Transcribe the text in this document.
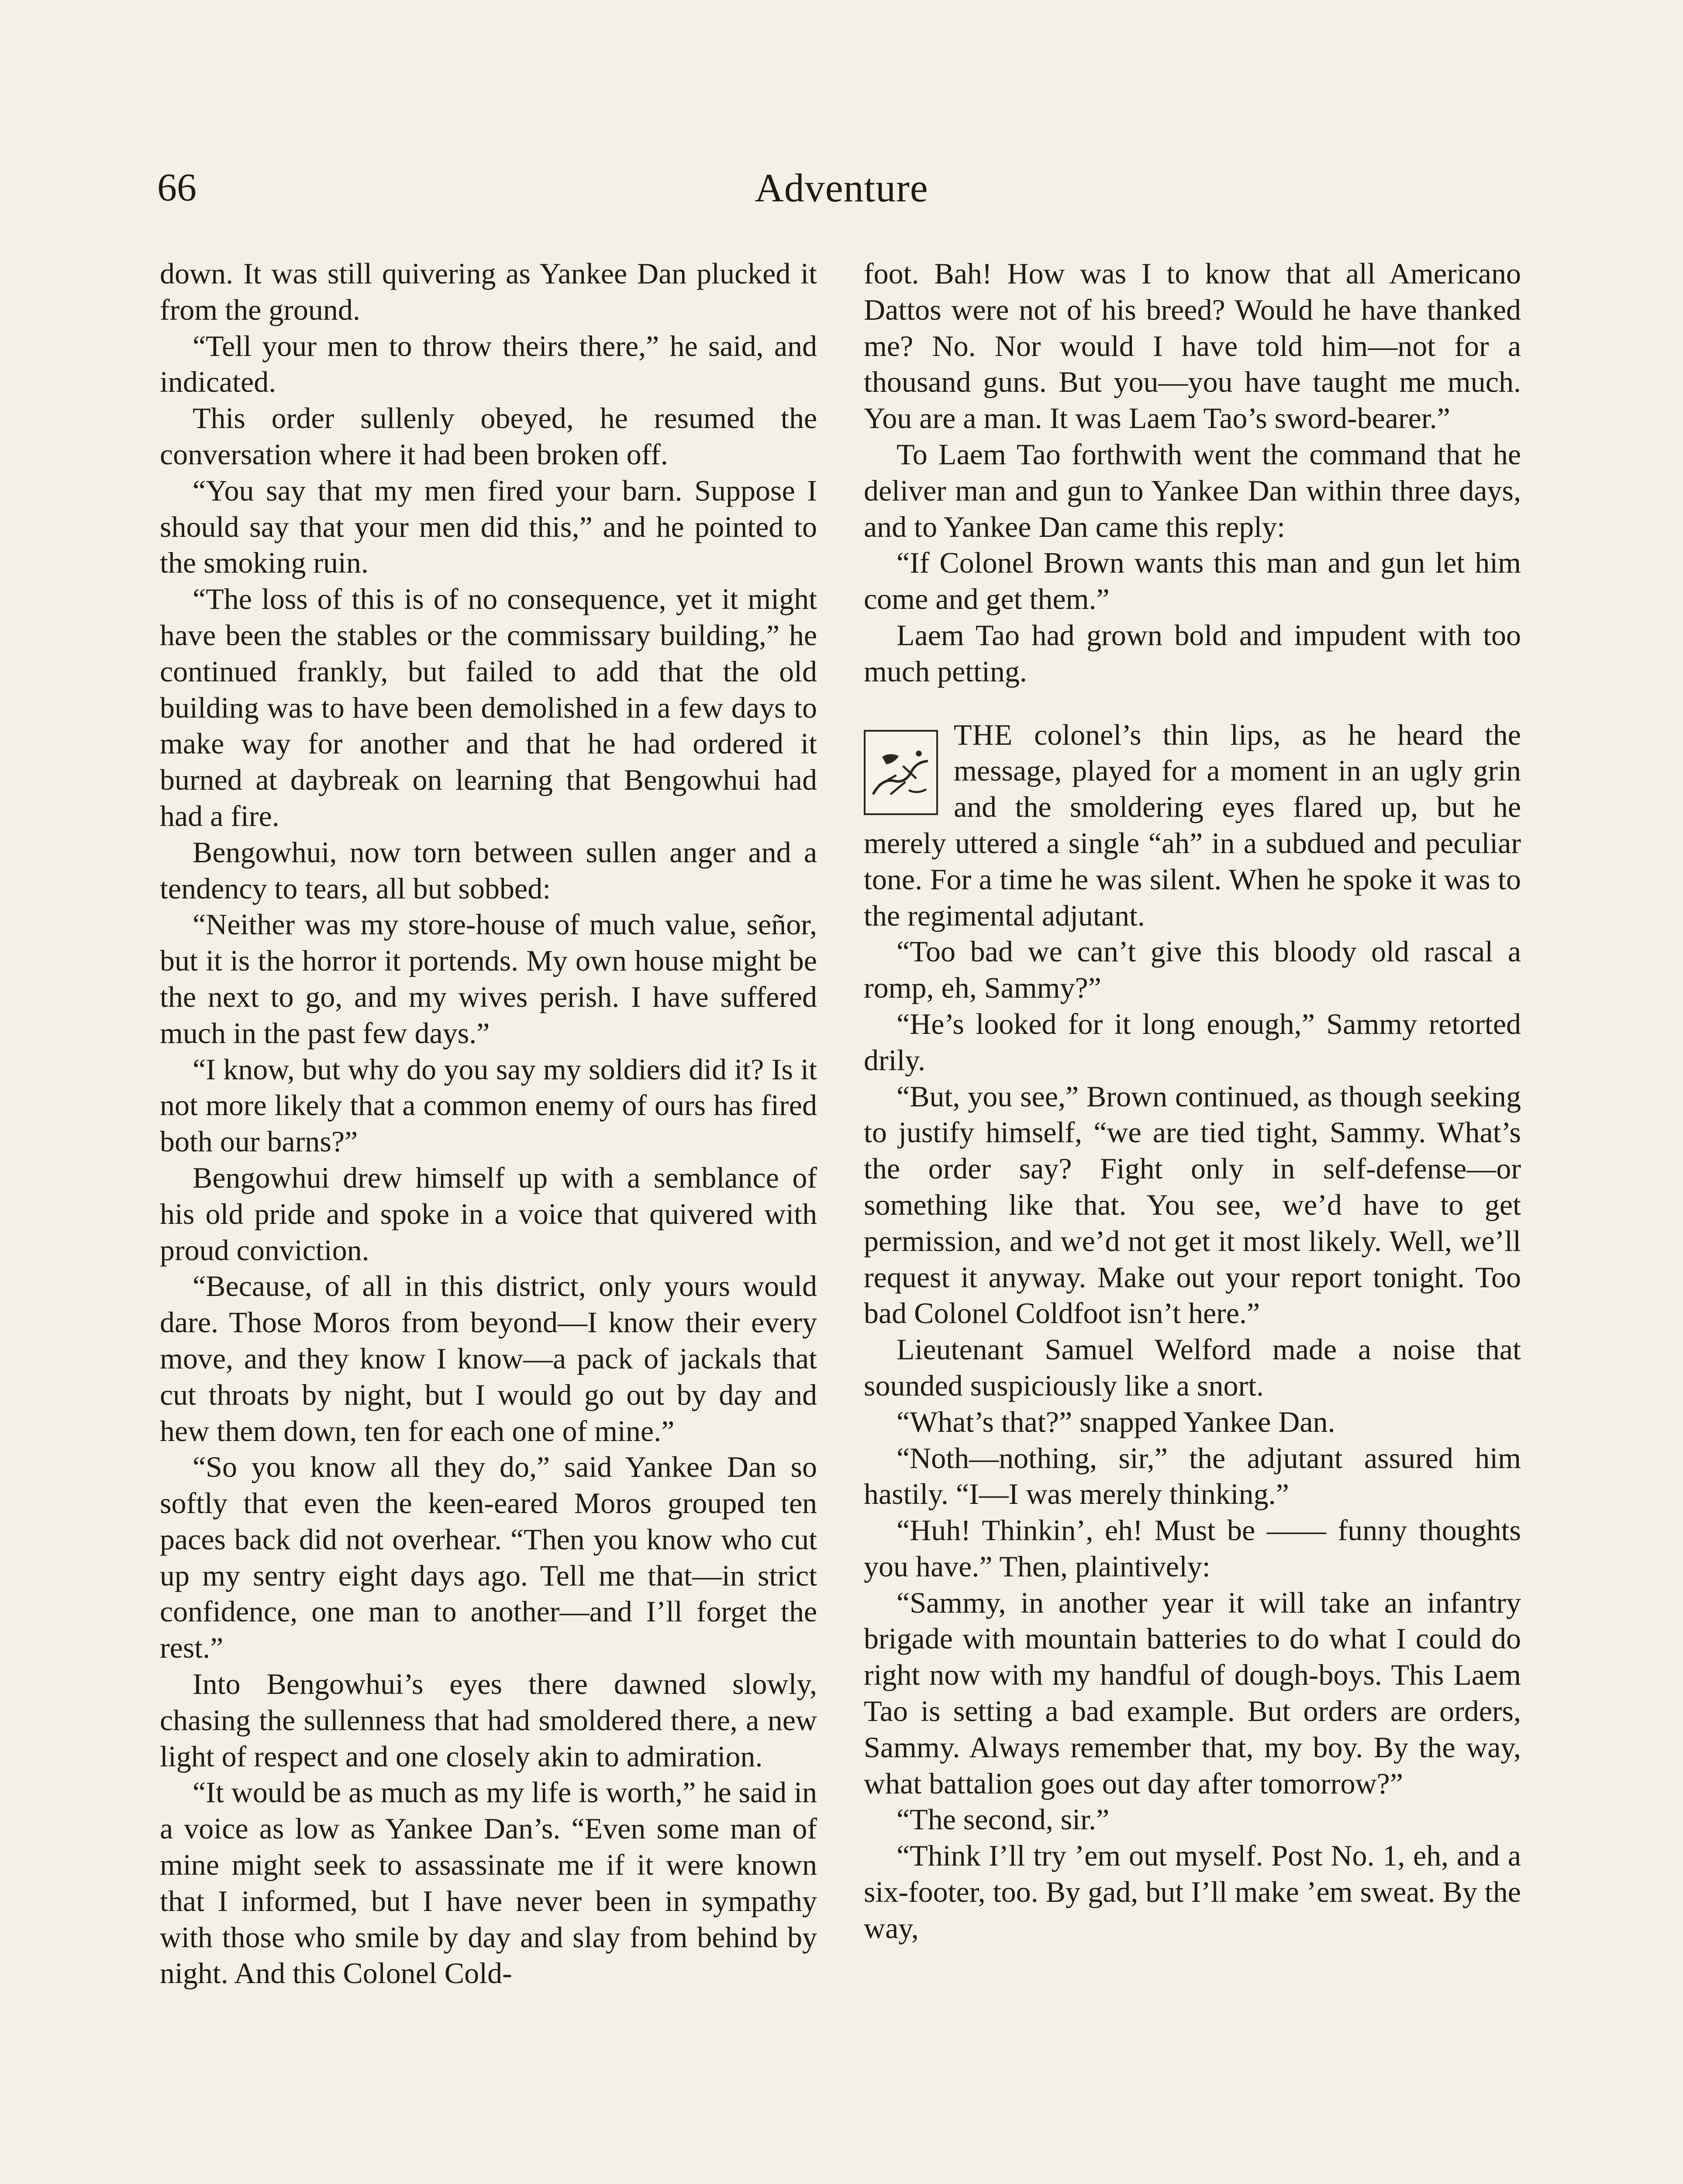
66	Adventure

down. It was still quivering as Yankee Dan plucked it from the ground.

“Tell your men to throw theirs there,” he said, and indicated.

This order sullenly obeyed, he resumed the conversation where it had been broken off.

“You say that my men fired your barn. Suppose I should say that your men did this,” and he pointed to the smoking ruin.

“The loss of this is of no consequence, yet it might have been the stables or the commissary building,” he continued frankly, but failed to add that the old building was to have been demolished in a few days to make way for another and that he had ordered it burned at daybreak on learning that Bengowhui had had a fire.

Bengowhui, now torn between sullen anger and a tendency to tears, all but sobbed:

“Neither was my store-house of much value, señor, but it is the horror it portends. My own house might be the next to go, and my wives perish. I have suffered much in the past few days.”

“I know, but why do you say my soldiers did it? Is it not more likely that a common enemy of ours has fired both our barns?”

Bengowhui drew himself up with a semblance of his old pride and spoke in a voice that quivered with proud conviction.

“Because, of all in this district, only yours would dare. Those Moros from beyond—I know their every move, and they know I know—a pack of jackals that cut throats by night, but I would go out by day and hew them down, ten for each one of mine.”

“So you know all they do,” said Yankee Dan so softly that even the keen-eared Moros grouped ten paces back did not overhear. “Then you know who cut up my sentry eight days ago. Tell me that—in strict confidence, one man to another—and I’ll forget the rest.”

Into Bengowhui’s eyes there dawned slowly, chasing the sullenness that had smoldered there, a new light of respect and one closely akin to admiration.

“It would be as much as my life is worth,” he said in a voice as low as Yankee Dan’s. “Even some man of mine might seek to assassinate me if it were known that I informed, but I have never been in sympathy with those who smile by day and slay from behind by night. And this Colonel Cold-

foot. Bah! How was I to know that all Americano Dattos were not of his breed? Would he have thanked me? No. Nor would I have told him—not for a thousand guns. But you—you have taught me much. You are a man. It was Laem Tao’s sword-bearer.”

To Laem Tao forthwith went the command that he deliver man and gun to Yankee Dan within three days, and to Yankee Dan came this reply:

“If Colonel Brown wants this man and gun let him come and get them.”

Laem Tao had grown bold and impudent with too much petting.

THE colonel’s thin lips, as he heard the message, played for a moment in an ugly grin and the smoldering eyes flared up, but he merely uttered a single “ah” in a subdued and peculiar tone. For a time he was silent. When he spoke it was to the regimental adjutant.

“Too bad we can’t give this bloody old rascal a romp, eh, Sammy?”

“He’s looked for it long enough,” Sammy retorted drily.

“But, you see,” Brown continued, as though seeking to justify himself, “we are tied tight, Sammy. What’s the order say? Fight only in self-defense—or something like that. You see, we’d have to get permission, and we’d not get it most likely. Well, we’ll request it anyway. Make out your report tonight. Too bad Colonel Coldfoot isn’t here.”

Lieutenant Samuel Welford made a noise that sounded suspiciously like a snort.

“What’s that?” snapped Yankee Dan.

“Noth—nothing, sir,” the adjutant assured him hastily. “I—I was merely thinking.”

“Huh! Thinkin’, eh! Must be —— funny thoughts you have.” Then, plaintively:

“Sammy, in another year it will take an infantry brigade with mountain batteries to do what I could do right now with my handful of dough-boys. This Laem Tao is setting a bad example. But orders are orders, Sammy. Always remember that, my boy. By the way, what battalion goes out day after tomorrow?”

“The second, sir.”

“Think I’ll try ’em out myself. Post No. 1, eh, and a six-footer, too. By gad, but I’ll make ’em sweat. By the way,
